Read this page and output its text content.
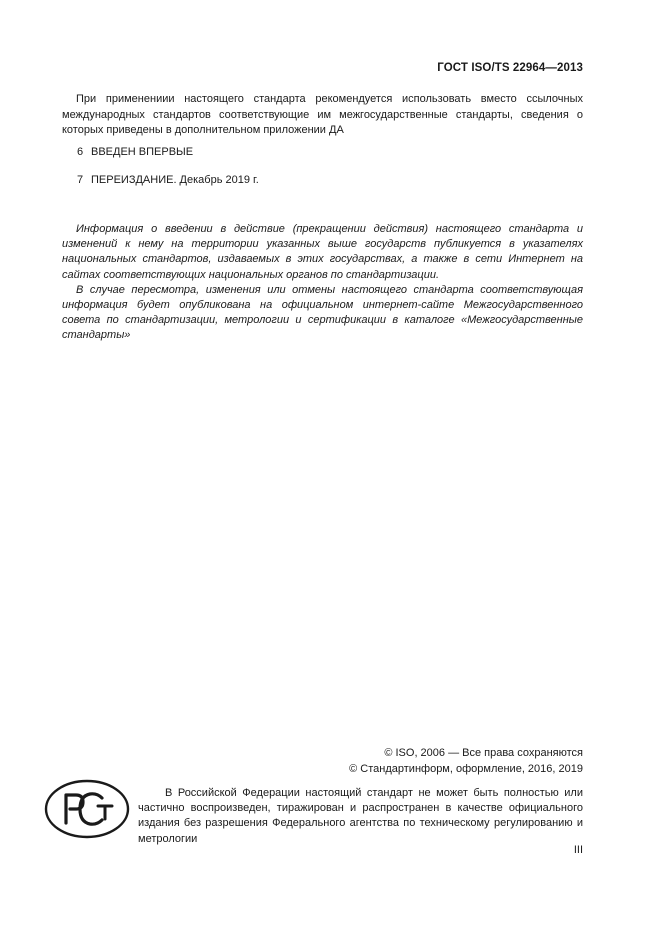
ГОСТ ISO/TS 22964—2013
При применениии настоящего стандарта рекомендуется использовать вместо ссылочных международных стандартов соответствующие им межгосударственные стандарты, сведения о которых приведены в дополнительном приложении ДА
6 ВВЕДЕН ВПЕРВЫЕ
7 ПЕРЕИЗДАНИЕ. Декабрь 2019 г.

Информация о введении в действие (прекращении действия) настоящего стандарта и изменений к нему на территории указанных выше государств публикуется в указателях национальных стандартов, издаваемых в этих государствах, а также в сети Интернет на сайтах соответствующих национальных органов по стандартизации.

В случае пересмотра, изменения или отмены настоящего стандарта соответствующая информация будет опубликована на официальном интернет-сайте Межгосударственного совета по стандартизации, метрологии и сертификации в каталоге «Межгосударственные стандарты»

© ISO, 2006 — Все права сохраняются
© Стандартинформ, оформление, 2016, 2019
В Российской Федерации настоящий стандарт не может быть полностью или частично воспроизведен, тиражирован и распространен в качестве официального издания без разрешения Федерального агентства по техническому регулированию и метрологии
III
